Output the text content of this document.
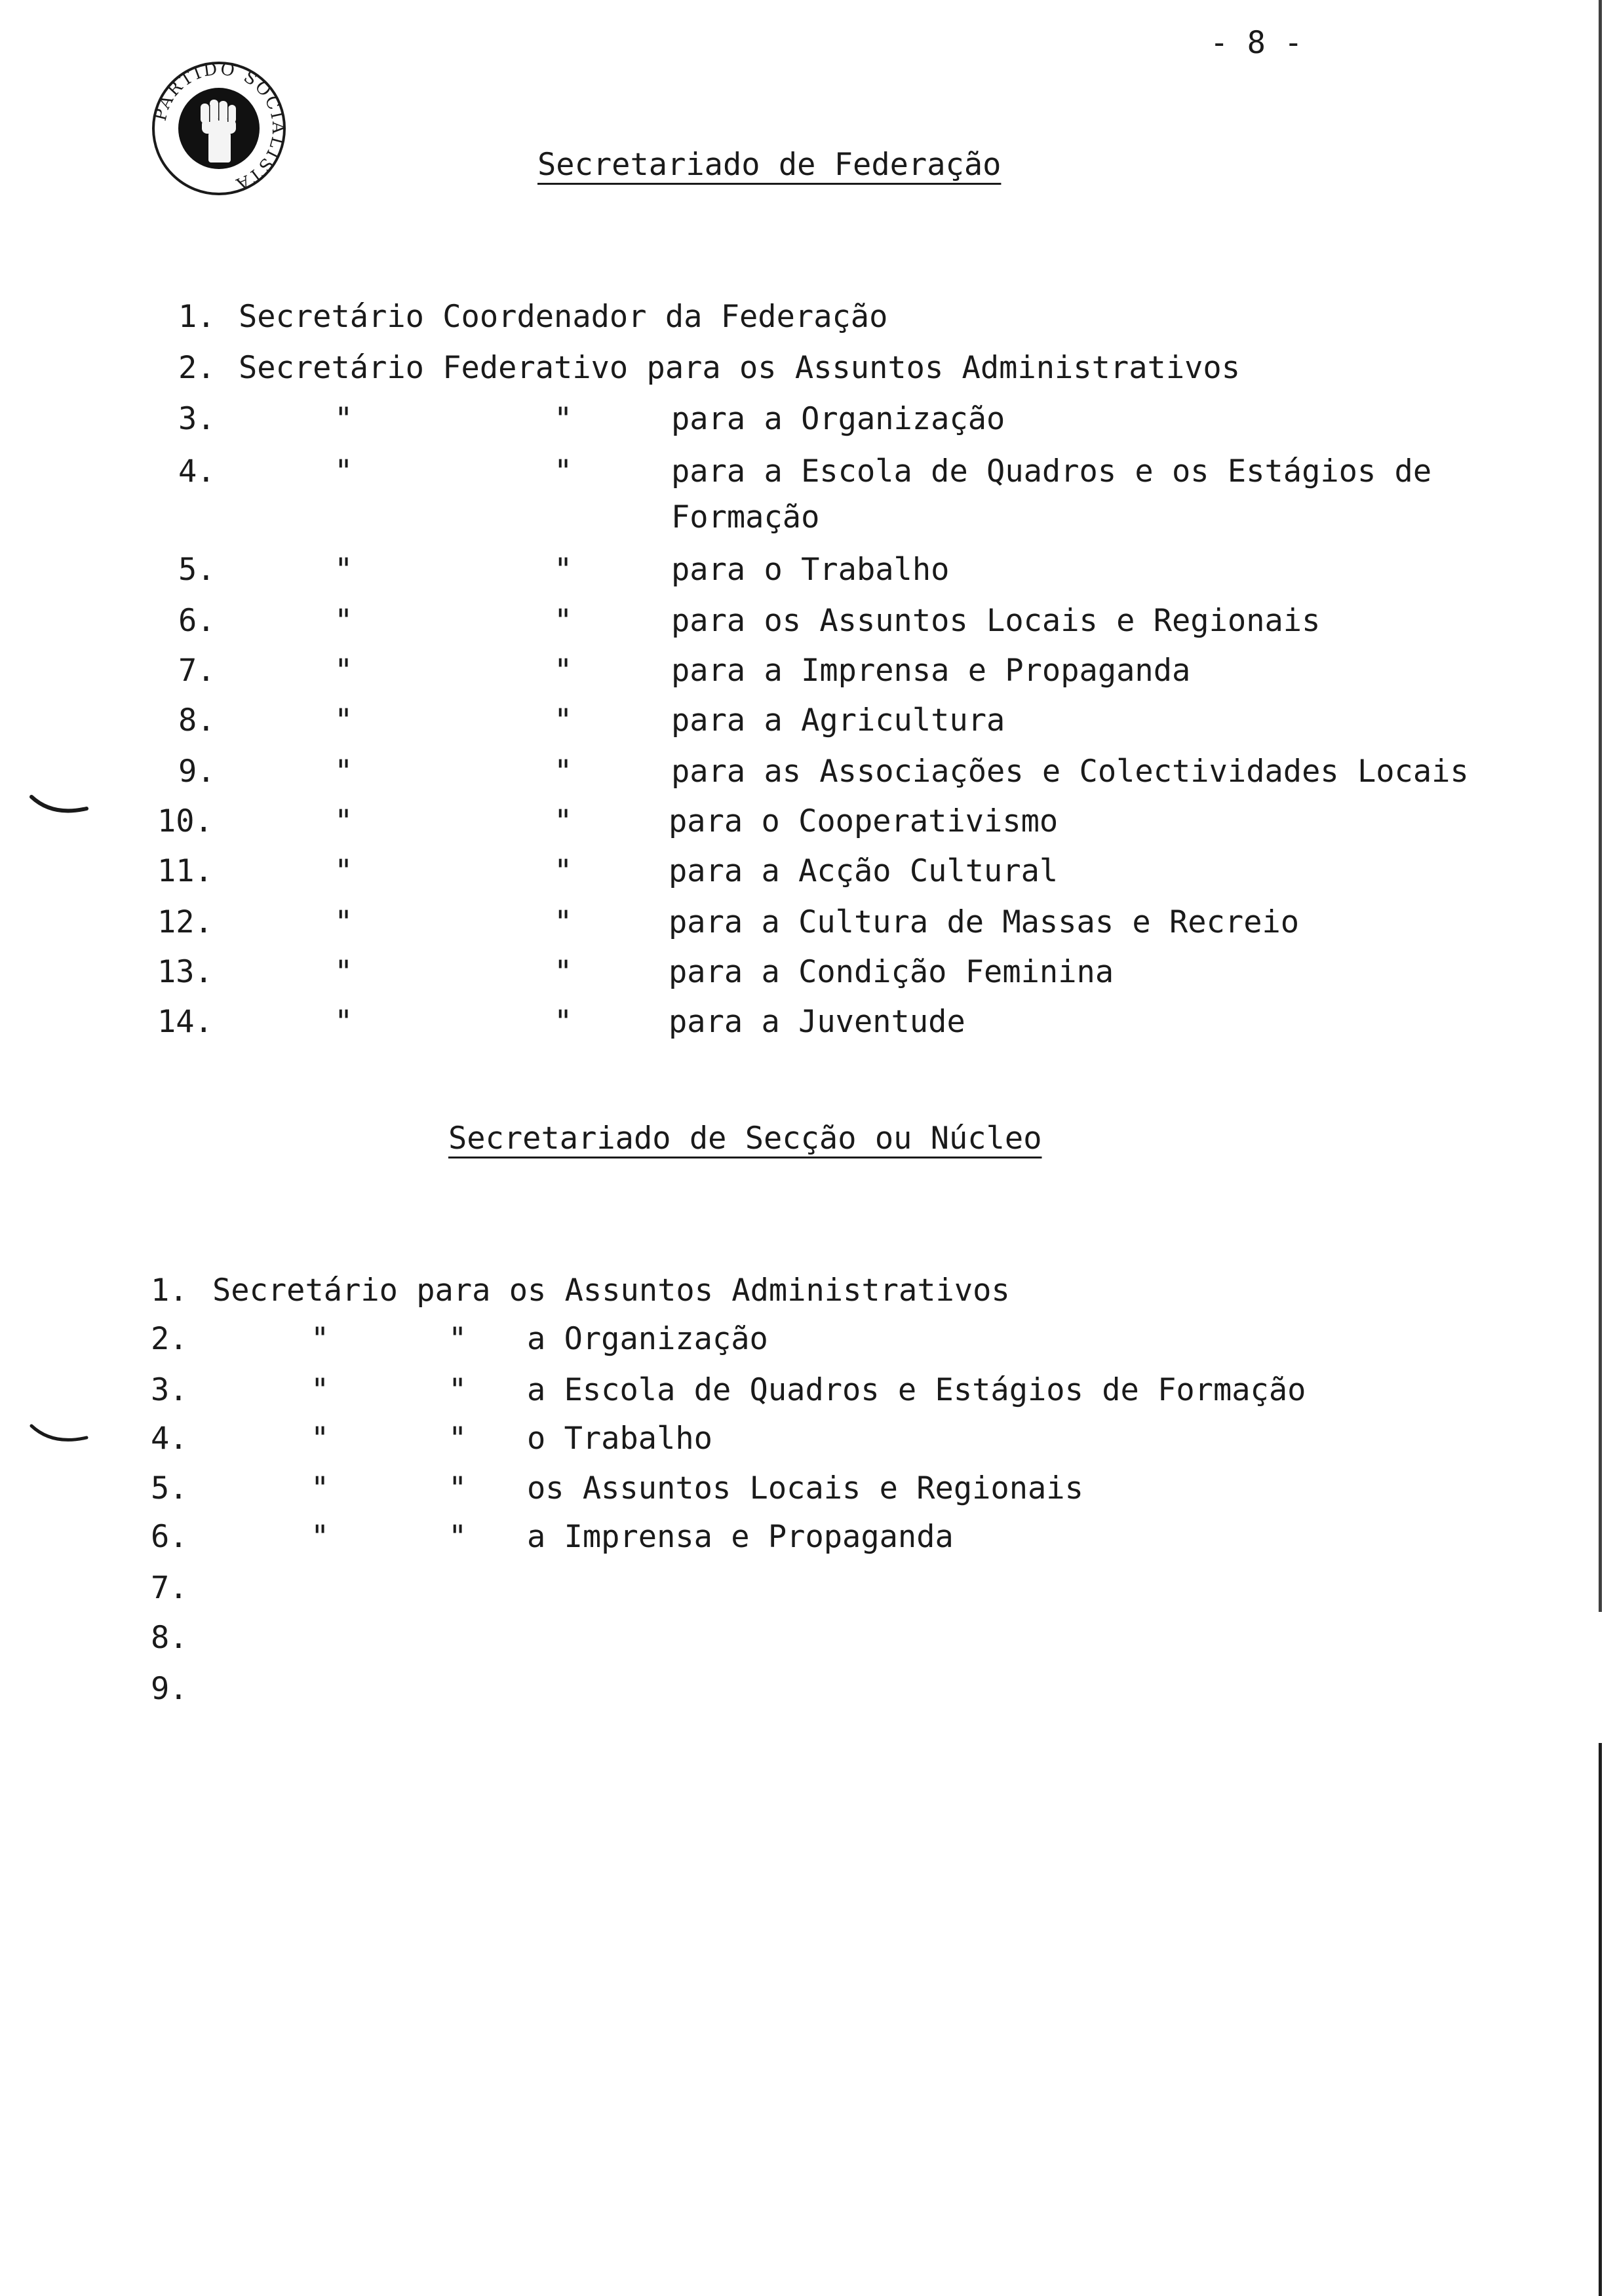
- 8 -
PARTIDO SOCIALISTA	Secretariado de Federação
1. Secretário Coordenador da Federação
2. Secretário Federativo para os Assuntos Administrativos
3.	"	"	para a Organização
4.	"	"	para a Escola de Quadros e os Estágios de
Formação
5.	"	"	para o Trabalho
6.	"	"	para os Assuntos Locais e Regionais
7.	"	"	para a Imprensa e Propaganda
8.	"	"	para a Agricultura
9.	"	"	para as Associações e Colectividades Locais
10.	"	"	para o Cooperativismo
11.	"	"	para a Acção Cultural
12.	"	"	para a Cultura de Massas e Recreio
13.	"	"	para a Condição Feminina
14.	"	"	para a Juventude
Secretariado de Secção ou Núcleo
1. Secretário para os Assuntos Administrativos
2.	"	" a Organização
3.	"	" a Escola de Quadros e Estágios de Formação
4.	"	" o Trabalho
5.	"	" os Assuntos Locais e Regionais
6.	"	" a Imprensa e Propaganda
7.
8.
9.
